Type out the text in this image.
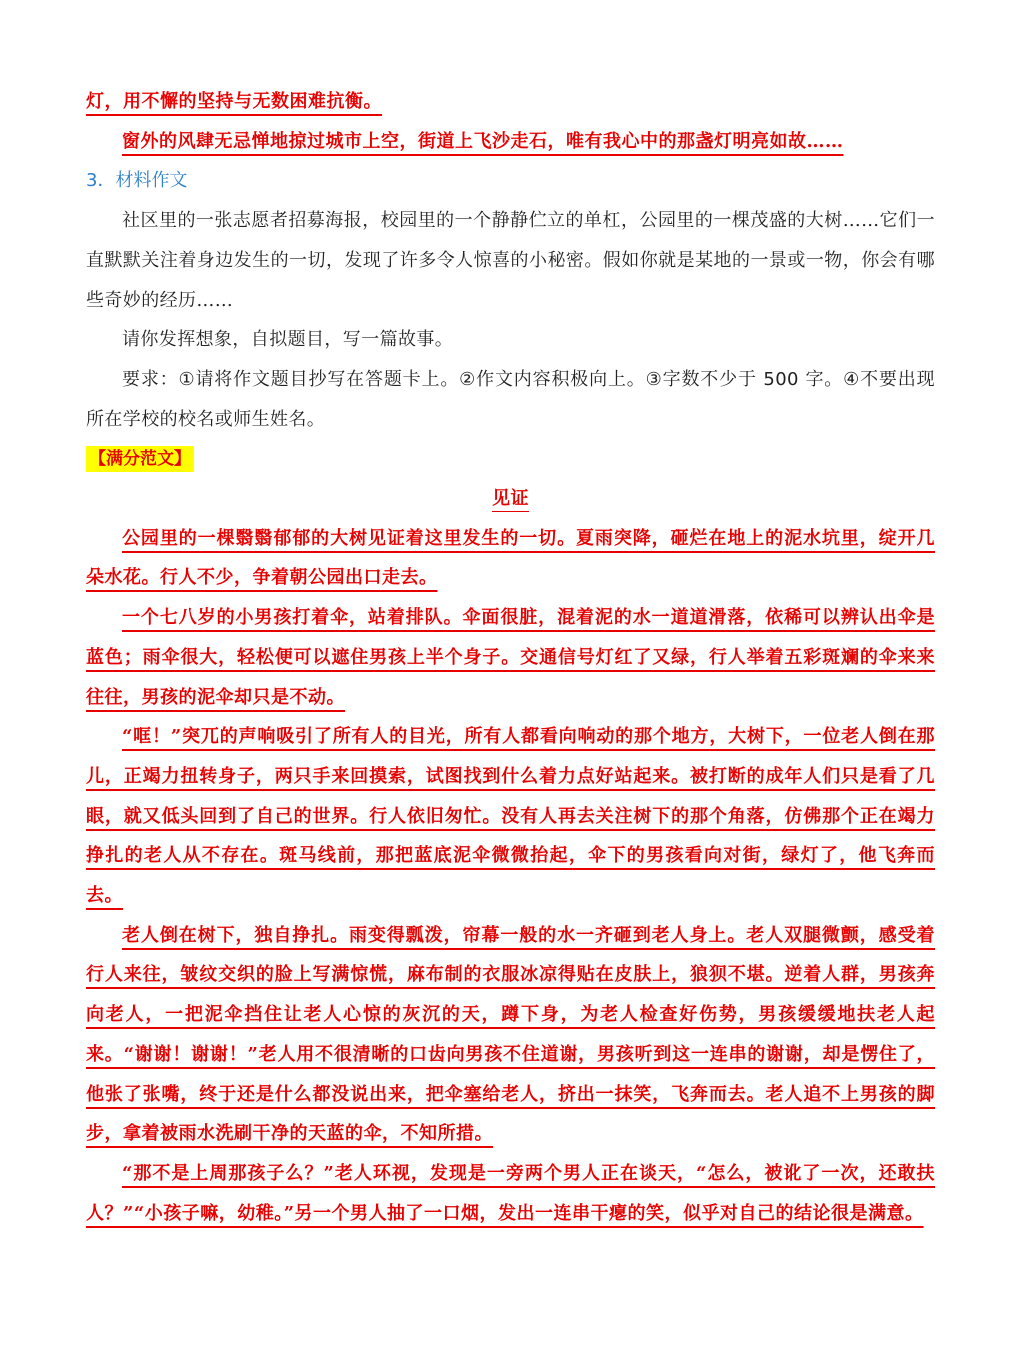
灯，用不懈的坚持与无数困难抗衡。

窗外的风肆无忌惮地掠过城市上空，街道上飞沙走石，唯有我心中的那盏灯明亮如故……

3．材料作文

社区里的一张志愿者招募海报，校园里的一个静静伫立的单杠，公园里的一棵茂盛的大树……它们一直默默关注着身边发生的一切，发现了许多令人惊喜的小秘密。假如你就是某地的一景或一物，你会有哪些奇妙的经历……

请你发挥想象，自拟题目，写一篇故事。

要求：①请将作文题目抄写在答题卡上。②作文内容积极向上。③字数不少于 500 字。④不要出现所在学校的校名或师生姓名。

【满分范文】

见证

公园里的一棵翳翳郁郁的大树见证着这里发生的一切。夏雨突降，砸烂在地上的泥水坑里，绽开几朵水花。行人不少，争着朝公园出口走去。

一个七八岁的小男孩打着伞，站着排队。伞面很脏，混着泥的水一道道滑落，依稀可以辨认出伞是蓝色；雨伞很大，轻松便可以遮住男孩上半个身子。交通信号灯红了又绿，行人举着五彩斑斓的伞来来往往，男孩的泥伞却只是不动。

“哐！”突兀的声响吸引了所有人的目光，所有人都看向响动的那个地方，大树下，一位老人倒在那儿，正竭力扭转身子，两只手来回摸索，试图找到什么着力点好站起来。被打断的成年人们只是看了几眼，就又低头回到了自己的世界。行人依旧匆忙。没有人再去关注树下的那个角落，仿佛那个正在竭力挣扎的老人从不存在。斑马线前，那把蓝底泥伞微微抬起，伞下的男孩看向对街，绿灯了，他飞奔而去。

老人倒在树下，独自挣扎。雨变得瓢泼，帘幕一般的水一齐砸到老人身上。老人双腿微颤，感受着行人来往，皱纹交织的脸上写满惊慌，麻布制的衣服冰凉得贴在皮肤上，狼狈不堪。逆着人群，男孩奔向老人，一把泥伞挡住让老人心惊的灰沉的天，蹲下身，为老人检查好伤势，男孩缓缓地扶老人起来。“谢谢！谢谢！”老人用不很清晰的口齿向男孩不住道谢，男孩听到这一连串的谢谢，却是愣住了，他张了张嘴，终于还是什么都没说出来，把伞塞给老人，挤出一抹笑，飞奔而去。老人追不上男孩的脚步，拿着被雨水洗刷干净的天蓝的伞，不知所措。

“那不是上周那孩子么？”老人环视，发现是一旁两个男人正在谈天，“怎么，被讹了一次，还敢扶人？”“小孩子嘛，幼稚。”另一个男人抽了一口烟，发出一连串干瘪的笑，似乎对自己的结论很是满意。
